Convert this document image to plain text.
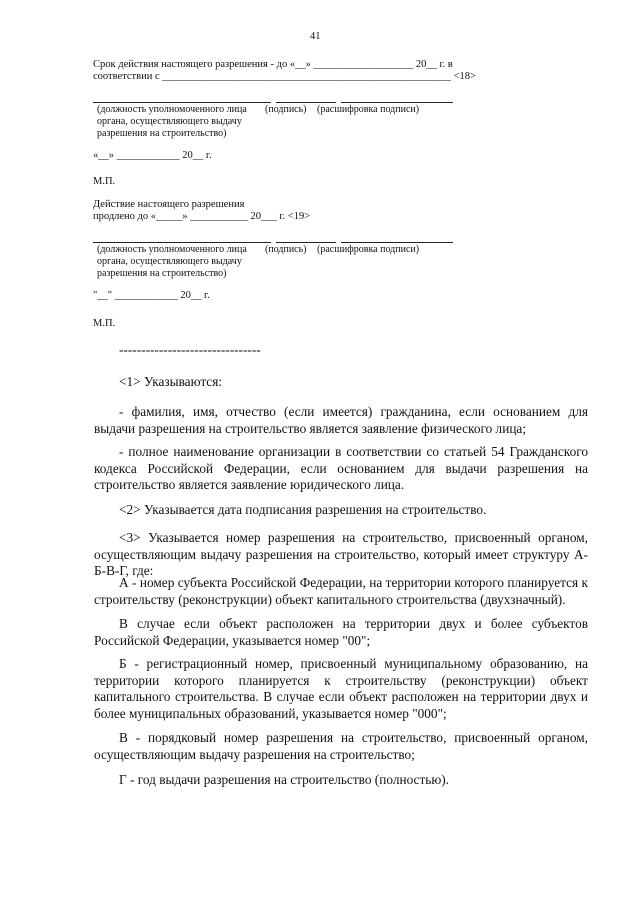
41
Срок действия настоящего разрешения - до «__» ___________________ 20__ г. в
соответствии с _______________________________________________________ <18>
(должность уполномоченного лица
органа, осуществляющего выдачу
разрешения на строительство)
(подпись) (расшифровка подписи)
«__» ____________ 20__ г.
М.П.
Действие настоящего разрешения
продлено до «_____» ___________ 20___ г. <19>
(должность уполномоченного лица
органа, осуществляющего выдачу
разрешения на строительство)
(подпись) (расшифровка подписи)
"__" ____________ 20__ г.
М.П.
--------------------------------
<1> Указываются:
- фамилия, имя, отчество (если имеется) гражданина, если основанием для выдачи разрешения на строительство является заявление физического лица;
- полное наименование организации в соответствии со статьей 54 Гражданского кодекса Российской Федерации, если основанием для выдачи разрешения на строительство является заявление юридического лица.
<2> Указывается дата подписания разрешения на строительство.
<3> Указывается номер разрешения на строительство, присвоенный органом, осуществляющим выдачу разрешения на строительство, который имеет структуру А-Б-В-Г, где:
А - номер субъекта Российской Федерации, на территории которого планируется к строительству (реконструкции) объект капитального строительства (двухзначный).
В случае если объект расположен на территории двух и более субъектов Российской Федерации, указывается номер "00";
Б - регистрационный номер, присвоенный муниципальному образованию, на территории которого планируется к строительству (реконструкции) объект капитального строительства. В случае если объект расположен на территории двух и более муниципальных образований, указывается номер "000";
В - порядковый номер разрешения на строительство, присвоенный органом, осуществляющим выдачу разрешения на строительство;
Г - год выдачи разрешения на строительство (полностью).
